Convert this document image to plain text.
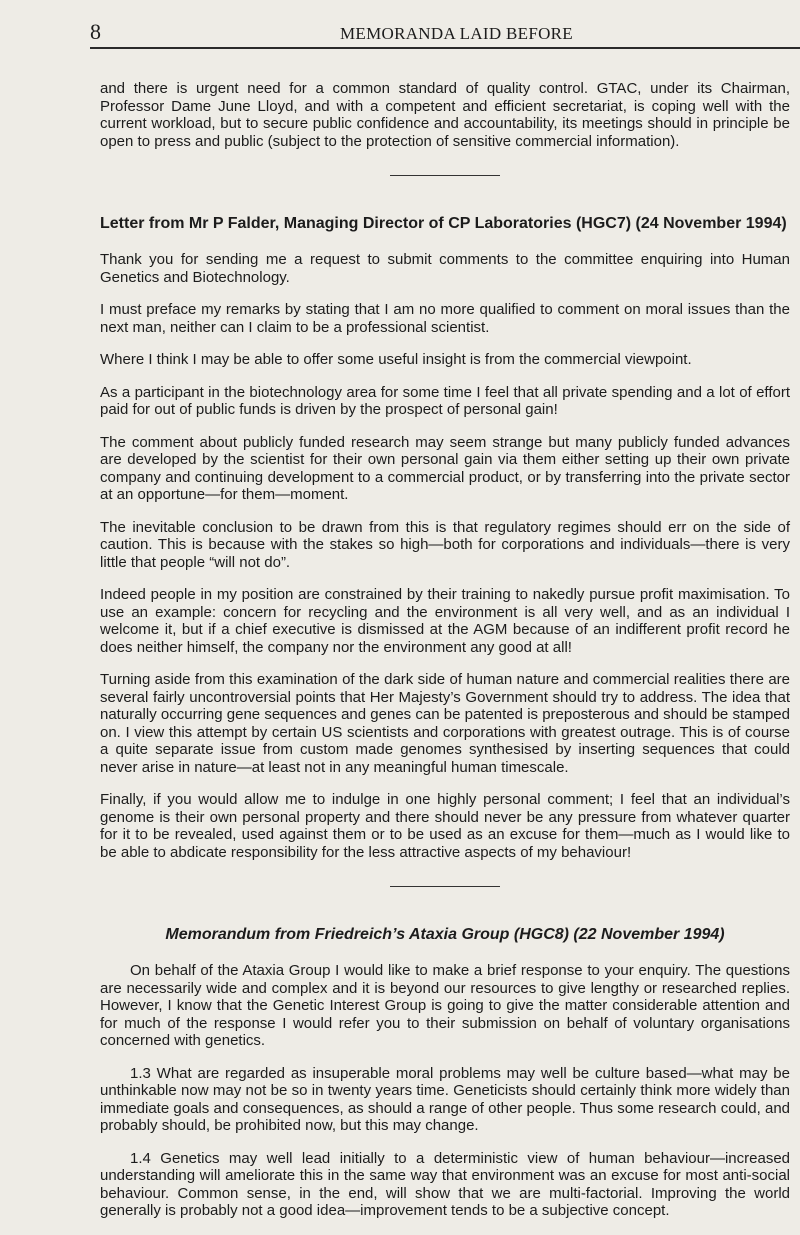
8	MEMORANDA LAID BEFORE

and there is urgent need for a common standard of quality control. GTAC, under its Chairman, Professor Dame June Lloyd, and with a competent and efficient secretariat, is coping well with the current workload, but to secure public confidence and accountability, its meetings should in principle be open to press and public (subject to the protection of sensitive commercial information).

Letter from Mr P Falder, Managing Director of CP Laboratories (HGC7) (24 November 1994)

Thank you for sending me a request to submit comments to the committee enquiring into Human Genetics and Biotechnology.

I must preface my remarks by stating that I am no more qualified to comment on moral issues than the next man, neither can I claim to be a professional scientist.

Where I think I may be able to offer some useful insight is from the commercial viewpoint.

As a participant in the biotechnology area for some time I feel that all private spending and a lot of effort paid for out of public funds is driven by the prospect of personal gain!

The comment about publicly funded research may seem strange but many publicly funded advances are developed by the scientist for their own personal gain via them either setting up their own private company and continuing development to a commercial product, or by transferring into the private sector at an opportune—for them—moment.

The inevitable conclusion to be drawn from this is that regulatory regimes should err on the side of caution. This is because with the stakes so high—both for corporations and individuals—there is very little that people “will not do”.

Indeed people in my position are constrained by their training to nakedly pursue profit maximisation. To use an example: concern for recycling and the environment is all very well, and as an individual I welcome it, but if a chief executive is dismissed at the AGM because of an indifferent profit record he does neither himself, the company nor the environment any good at all!

Turning aside from this examination of the dark side of human nature and commercial realities there are several fairly uncontroversial points that Her Majesty’s Government should try to address. The idea that naturally occurring gene sequences and genes can be patented is preposterous and should be stamped on. I view this attempt by certain US scientists and corporations with greatest outrage. This is of course a quite separate issue from custom made genomes synthesised by inserting sequences that could never arise in nature—at least not in any meaningful human timescale.

Finally, if you would allow me to indulge in one highly personal comment; I feel that an individual’s genome is their own personal property and there should never be any pressure from whatever quarter for it to be revealed, used against them or to be used as an excuse for them—much as I would like to be able to abdicate responsibility for the less attractive aspects of my behaviour!

Memorandum from Friedreich’s Ataxia Group (HGC8) (22 November 1994)

On behalf of the Ataxia Group I would like to make a brief response to your enquiry. The questions are necessarily wide and complex and it is beyond our resources to give lengthy or researched replies. However, I know that the Genetic Interest Group is going to give the matter considerable attention and for much of the response I would refer you to their submission on behalf of voluntary organisations concerned with genetics.

1.3 What are regarded as insuperable moral problems may well be culture based—what may be unthinkable now may not be so in twenty years time. Geneticists should certainly think more widely than immediate goals and consequences, as should a range of other people. Thus some research could, and probably should, be prohibited now, but this may change.

1.4 Genetics may well lead initially to a deterministic view of human behaviour—increased understanding will ameliorate this in the same way that environment was an excuse for most anti-social behaviour. Common sense, in the end, will show that we are multi-factorial. Improving the world generally is probably not a good idea—improvement tends to be a subjective concept.
